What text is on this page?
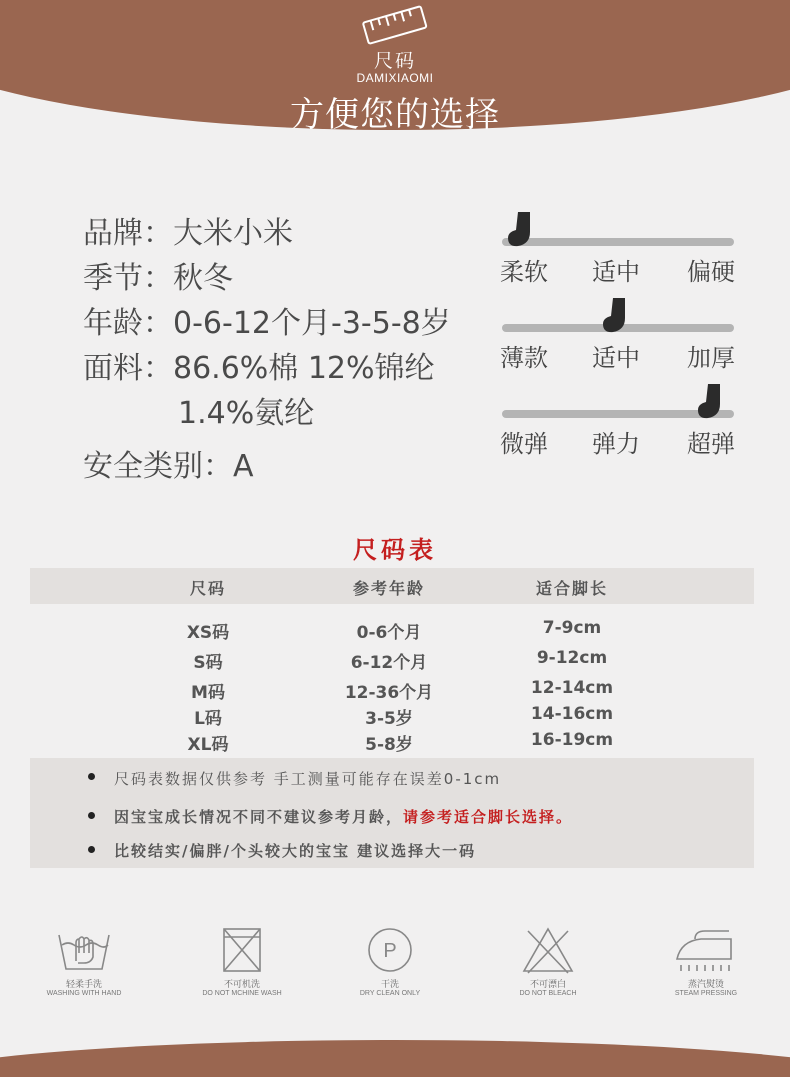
尺码
DAMIXIAOMI
方便您的选择
品牌：大米小米
季节：秋冬
年龄：0-6-12个月-3-5-8岁
面料：86.6%棉 12%锦纶
1.4%氨纶
安全类别：A
柔软 适中 偏硬
薄款 适中 加厚
微弹 弹力 超弹
尺码表
尺码	参考年龄	适合脚长
XS码	0-6个月	7-9cm
S码	6-12个月	9-12cm
M码	12-36个月	12-14cm
L码	3-5岁	14-16cm
XL码	5-8岁	16-19cm
尺码表数据仅供参考 手工测量可能存在误差0-1cm
因宝宝成长情况不同不建议参考月龄，请参考适合脚长选择。
比较结实/偏胖/个头较大的宝宝 建议选择大一码
轻柔手洗
WASHING WITH HAND
不可机洗
DO NOT MCHINE WASH
P
干洗
DRY CLEAN ONLY
不可漂白
DO NOT BLEACH
蒸汽熨烫
STEAM PRESSING
